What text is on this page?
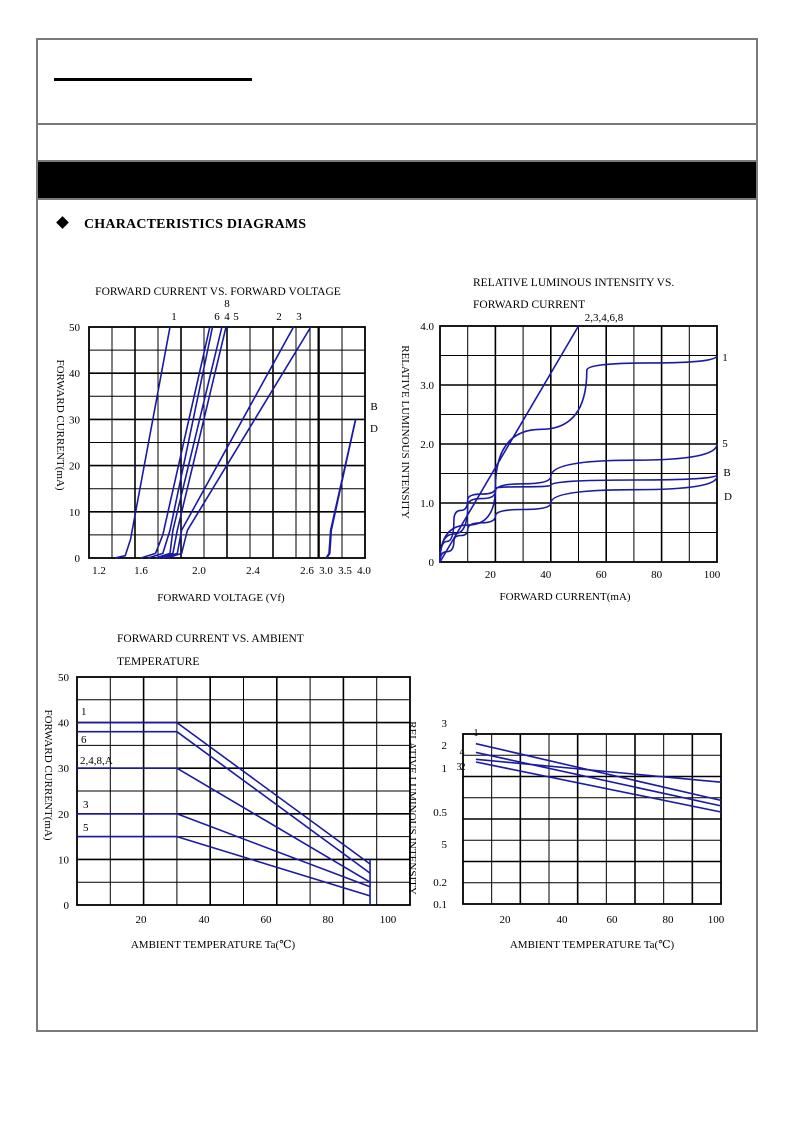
CHARACTERISTICS DIAGRAMS
FORWARD CURRENT VS. FORWARD VOLTAGE
0
10
20
30
40
50
1.2	1.6	2.0	2.4	2.6 3.0 3.5 4.0
FORWARD VOLTAGE (Vf)
FORWARD CURRENT(mA)
1
8
6 4 5	2 3
B
D
RELATIVE LUMINOUS INTENSITY VS.
FORWARD CURRENT
0
1.0
2.0
3.0
4.0
20	40	60	80	100
FORWARD CURRENT(mA)
RELATIVE LUMINOUS INTENSITY
2,3,4,6,8
1
5
B
D
FORWARD CURRENT VS. AMBIENT
TEMPERATURE
0
10
20
30
40
50
20	40	60	80	100
AMBIENT TEMPERATURE Ta(℃)
FORWARD CURRENT(mA) 1
6
2,4,8,A
3
5
0.1
0.2
5
0.5
1
2
3
20	40	60	80	100
AMBIENT TEMPERATURE Ta(℃)
RELATIVE LUMINOUS INTENSITY	1
4
2
3
